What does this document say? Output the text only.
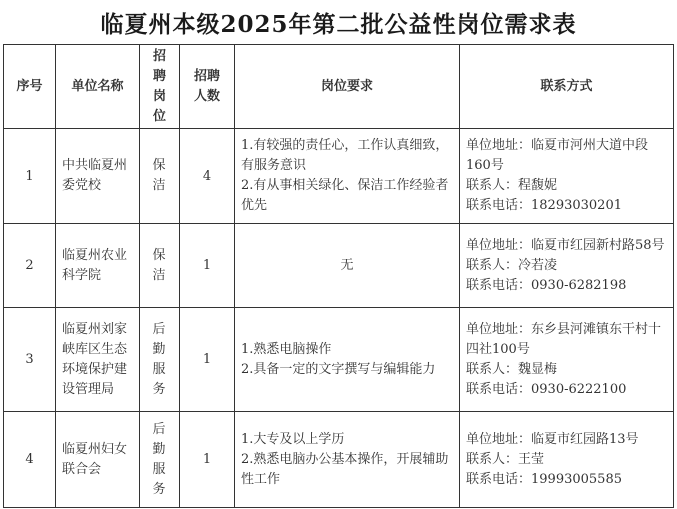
临夏州本级2025年第二批公益性岗位需求表
序号	单位名称	招聘岗位	招聘人数	岗位要求	联系方式
1	中共临夏州委党校	保洁	4	1.有较强的责任心，工作认真细致，有服务意识
2.有从事相关绿化、保洁工作经验者优先	单位地址：临夏市河州大道中段160号
联系人：程馥妮
联系电话：18293030201

2	临夏州农业科学院	保洁	1	无	单位地址：临夏市红园新村路58号
联系人：冷若凌
联系电话：0930-6282198

3	临夏州刘家峡库区生态环境保护建设管理局	后勤服务	1	1.熟悉电脑操作
2.具备一定的文字撰写与编辑能力	单位地址：东乡县河滩镇东干村十四社100号
联系人：魏显梅
联系电话：0930-6222100

4	临夏州妇女联合会	后勤服务	1	1.大专及以上学历
2.熟悉电脑办公基本操作，开展辅助性工作	单位地址：临夏市红园路13号
联系人：王莹
联系电话：19993005585
